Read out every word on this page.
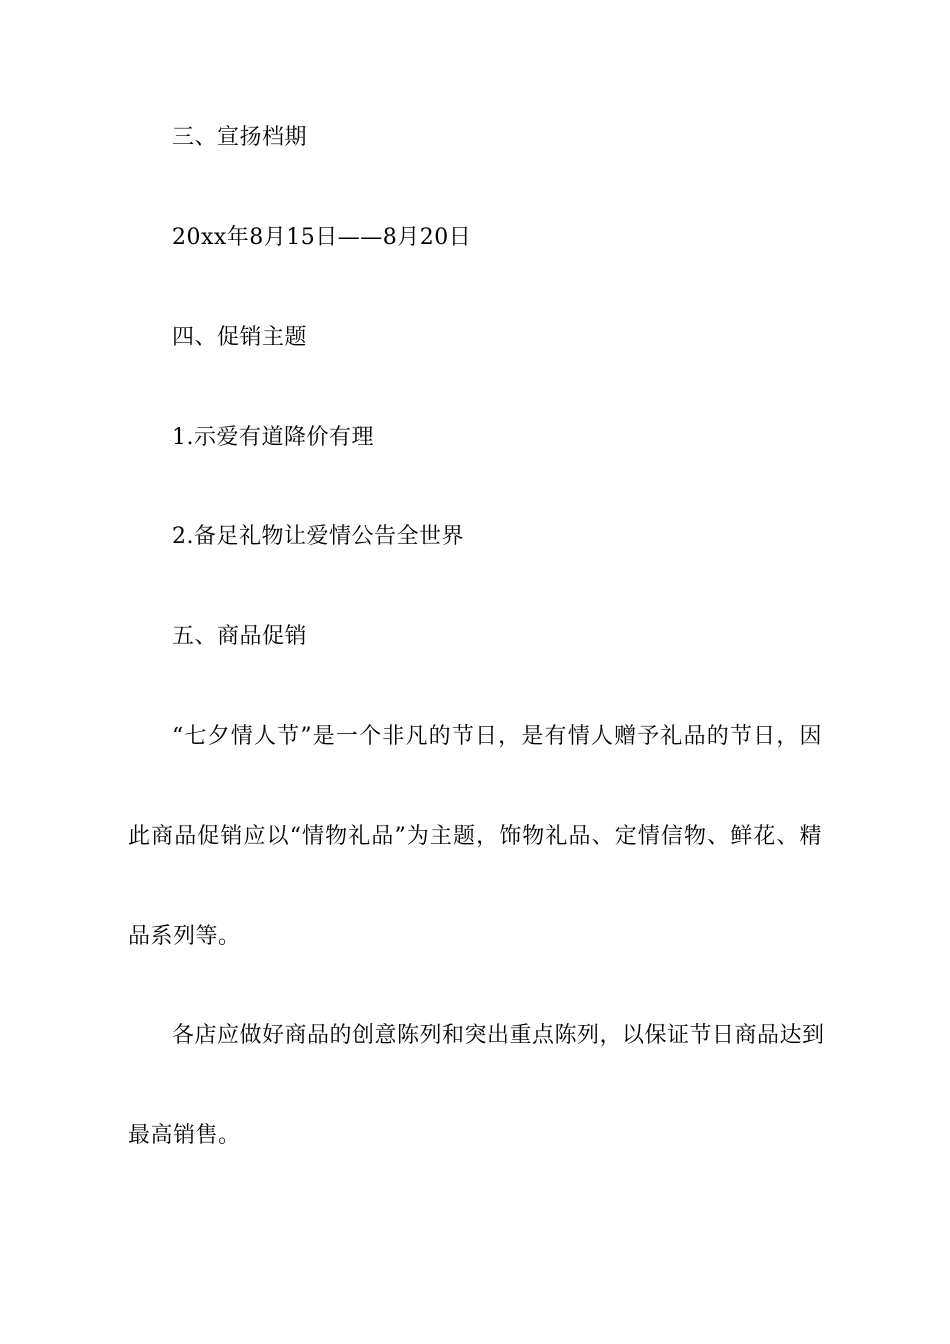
三、宣扬档期
20xx年8月15日——8月20日
四、促销主题
1.示爱有道降价有理
2.备足礼物让爱情公告全世界
五、商品促销
“七夕情人节”是一个非凡的节日，是有情人赠予礼品的节日，因
此商品促销应以“情物礼品”为主题，饰物礼品、定情信物、鲜花、精
品系列等。
各店应做好商品的创意陈列和突出重点陈列，以保证节日商品达到
最高销售。
